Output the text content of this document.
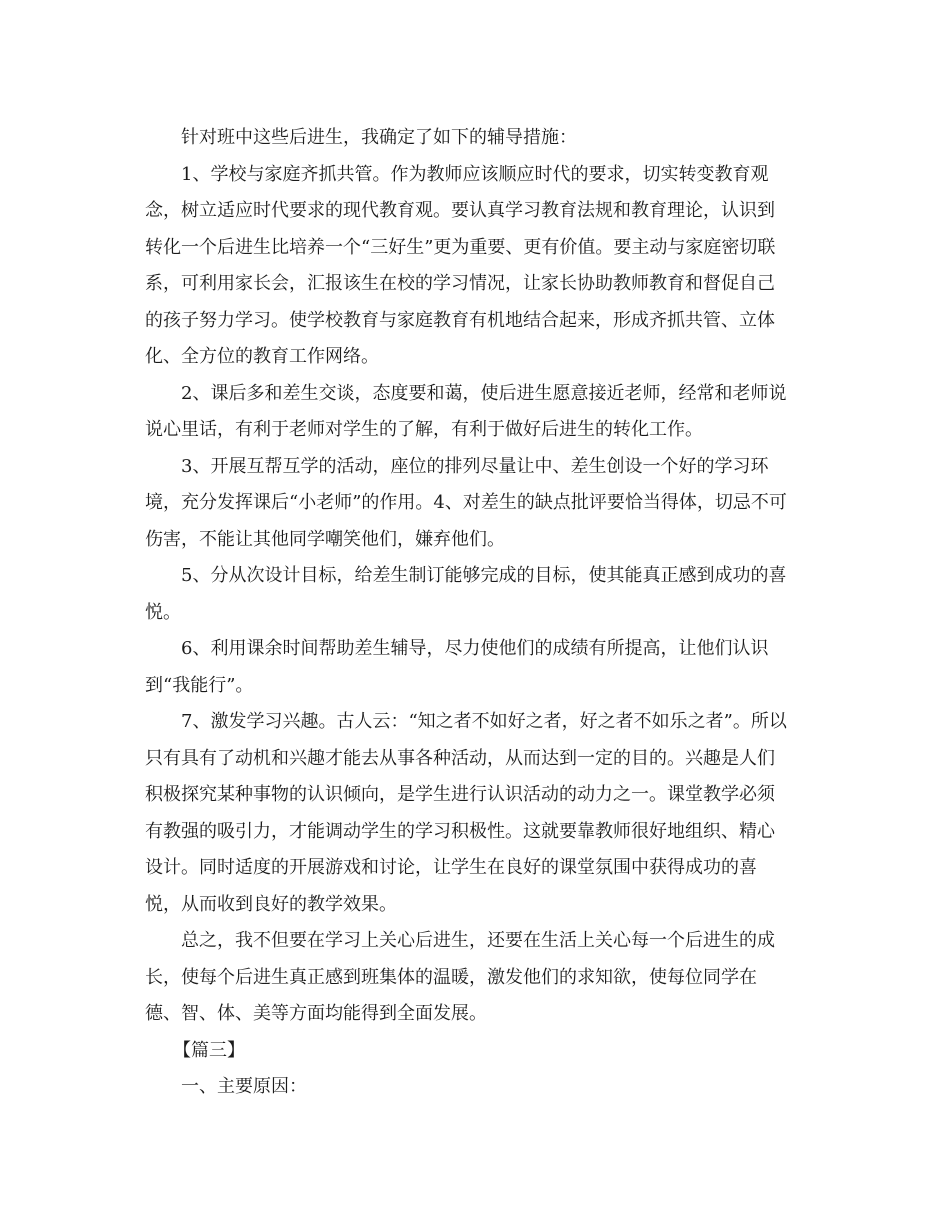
针对班中这些后进生，我确定了如下的辅导措施：
1、学校与家庭齐抓共管。作为教师应该顺应时代的要求，切实转变教育观
念，树立适应时代要求的现代教育观。要认真学习教育法规和教育理论，认识到
转化一个后进生比培养一个“三好生”更为重要、更有价值。要主动与家庭密切联
系，可利用家长会，汇报该生在校的学习情况，让家长协助教师教育和督促自己
的孩子努力学习。使学校教育与家庭教育有机地结合起来，形成齐抓共管、立体
化、全方位的教育工作网络。
2、课后多和差生交谈，态度要和蔼，使后进生愿意接近老师，经常和老师说
说心里话，有利于老师对学生的了解，有利于做好后进生的转化工作。
3、开展互帮互学的活动，座位的排列尽量让中、差生创设一个好的学习环
境，充分发挥课后“小老师”的作用。4、对差生的缺点批评要恰当得体，切忌不可
伤害，不能让其他同学嘲笑他们，嫌弃他们。
5、分从次设计目标，给差生制订能够完成的目标，使其能真正感到成功的喜
悦。
6、利用课余时间帮助差生辅导，尽力使他们的成绩有所提高，让他们认识
到“我能行”。
7、激发学习兴趣。古人云：“知之者不如好之者，好之者不如乐之者”。所以
只有具有了动机和兴趣才能去从事各种活动，从而达到一定的目的。兴趣是人们
积极探究某种事物的认识倾向，是学生进行认识活动的动力之一。课堂教学必须
有教强的吸引力，才能调动学生的学习积极性。这就要靠教师很好地组织、精心
设计。同时适度的开展游戏和讨论，让学生在良好的课堂氛围中获得成功的喜
悦，从而收到良好的教学效果。
总之，我不但要在学习上关心后进生，还要在生活上关心每一个后进生的成
长，使每个后进生真正感到班集体的温暖，激发他们的求知欲，使每位同学在
德、智、体、美等方面均能得到全面发展。
【篇三】
一、主要原因：
